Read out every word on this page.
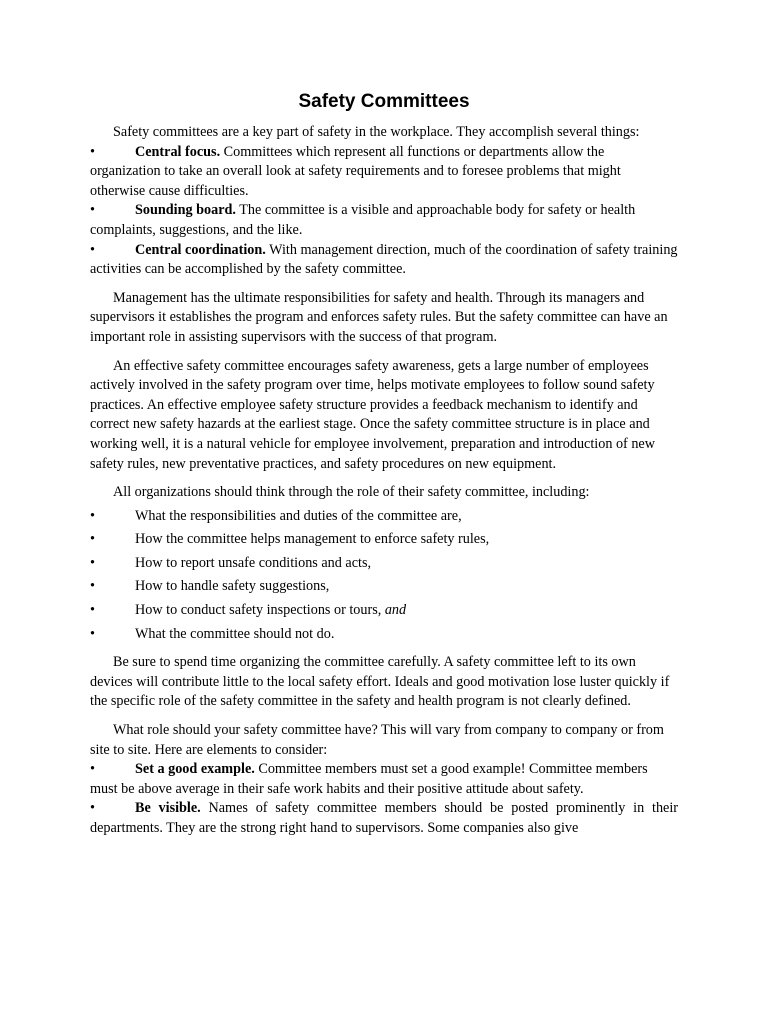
Safety Committees

Safety committees are a key part of safety in the workplace. They accomplish several things:

•	Central focus. Committees which represent all functions or departments allow the organization to take an overall look at safety requirements and to foresee problems that might otherwise cause difficulties.

•	Sounding board. The committee is a visible and approachable body for safety or health complaints, suggestions, and the like.

•	Central coordination. With management direction, much of the coordination of safety training activities can be accomplished by the safety committee.

Management has the ultimate responsibilities for safety and health. Through its managers and supervisors it establishes the program and enforces safety rules. But the safety committee can have an important role in assisting supervisors with the success of that program.

An effective safety committee encourages safety awareness, gets a large number of employees actively involved in the safety program over time, helps motivate employees to follow sound safety practices. An effective employee safety structure provides a feedback mechanism to identify and correct new safety hazards at the earliest stage. Once the safety committee structure is in place and working well, it is a natural vehicle for employee involvement, preparation and introduction of new safety rules, new preventative practices, and safety procedures on new equipment.

All organizations should think through the role of their safety committee, including:

•	What the responsibilities and duties of the committee are,

•	How the committee helps management to enforce safety rules,

•	How to report unsafe conditions and acts,

•	How to handle safety suggestions,

•	How to conduct safety inspections or tours, and

•	What the committee should not do.

Be sure to spend time organizing the committee carefully. A safety committee left to its own devices will contribute little to the local safety effort. Ideals and good motivation lose luster quickly if the specific role of the safety committee in the safety and health program is not clearly defined.

What role should your safety committee have? This will vary from company to company or from site to site. Here are elements to consider:

•	Set a good example. Committee members must set a good example! Committee members must be above average in their safe work habits and their positive attitude about safety.

•	Be visible. Names of safety committee members should be posted prominently in their departments. They are the strong right hand to supervisors. Some companies also give
